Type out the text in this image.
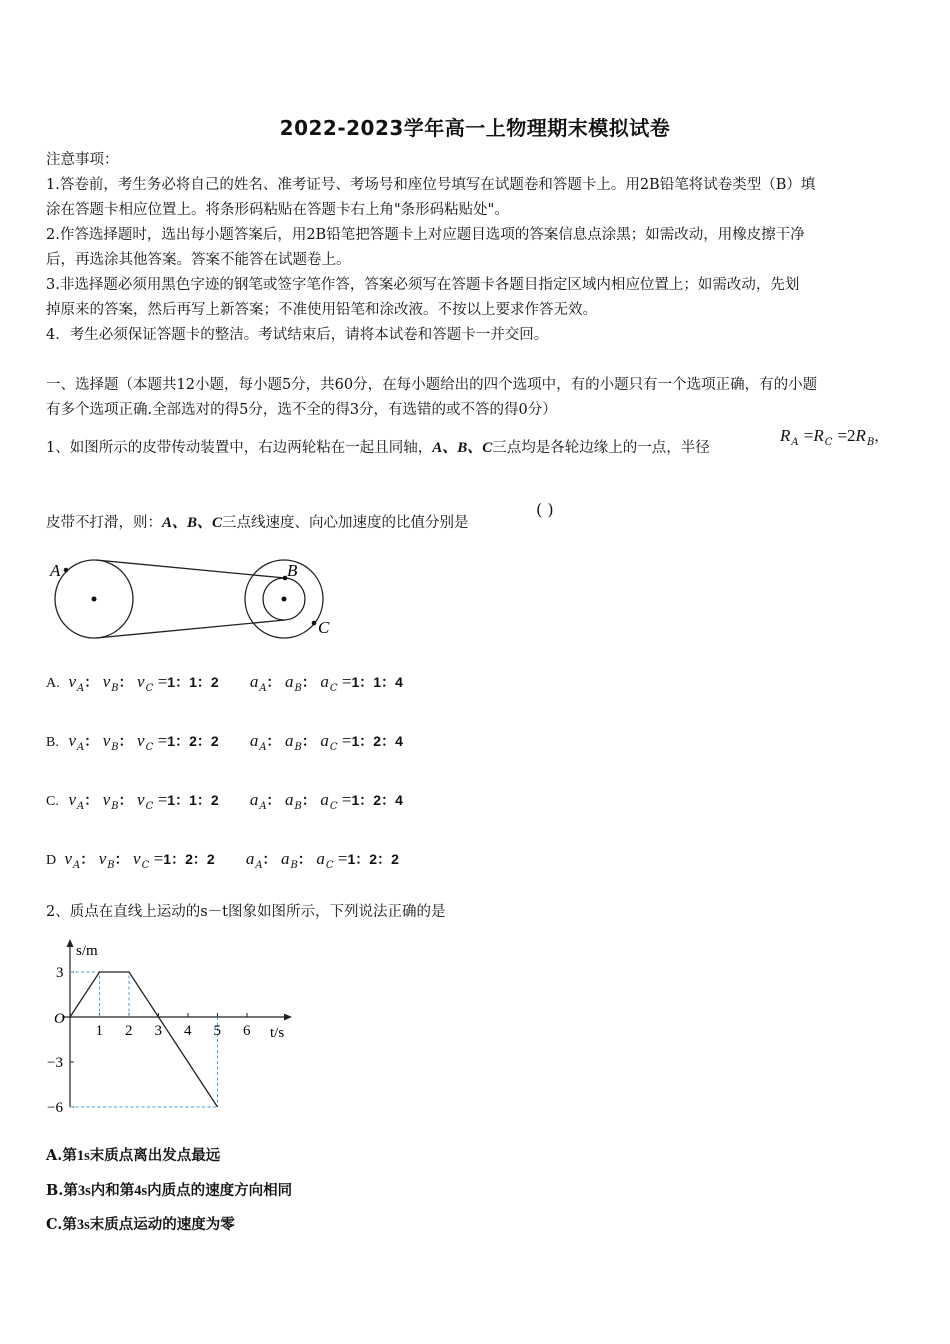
2022-2023学年高一上物理期末模拟试卷
注意事项：
1.答卷前，考生务必将自己的姓名、准考证号、考场号和座位号填写在试题卷和答题卡上。用2B铅笔将试卷类型（B）填
涂在答题卡相应位置上。将条形码粘贴在答题卡右上角"条形码粘贴处"。
2.作答选择题时，选出每小题答案后，用2B铅笔把答题卡上对应题目选项的答案信息点涂黑；如需改动，用橡皮擦干净
后，再选涂其他答案。答案不能答在试题卷上。
3.非选择题必须用黑色字迹的钢笔或签字笔作答，答案必须写在答题卡各题目指定区域内相应位置上；如需改动，先划
掉原来的答案，然后再写上新答案；不准使用铅笔和涂改液。不按以上要求作答无效。
4．考生必须保证答题卡的整洁。考试结束后，请将本试卷和答题卡一并交回。
一、选择题（本题共12小题，每小题5分，共60分，在每小题给出的四个选项中，有的小题只有一个选项正确，有的小题
有多个选项正确.全部选对的得5分，选不全的得3分，有选错的或不答的得0分）
1、如图所示的皮带传动装置中，右边两轮粘在一起且同轴，A、B、C三点均是各轮边缘上的一点，半径
$R_A =R_C =2R_B$，
皮带不打滑，则：A、B、C三点线速度、向心加速度的比值分别是
( )
A	B
C
A. $v_A$： $v_B$： $v_C =1$：1：2 $a_A$： $a_B$： $a_C =1$：1：4
B. $v_A$： $v_B$： $v_C =1$：2：2 $a_A$： $a_B$： $a_C =1$：2：4
C. $v_A$： $v_B$： $v_C =1$：1：2 $a_A$： $a_B$： $a_C =1$：2：4
D $v_A$： $v_B$： $v_C =1$：2：2 $a_A$： $a_B$： $a_C =1$：2：2
2、质点在直线上运动的s－t图象如图所示，下列说法正确的是
s/m
t/s
O
1 2 3 4 5 6
3
−3
−6
A.第1s末质点离出发点最远
B.第3s内和第4s内质点的速度方向相同
C.第3s末质点运动的速度为零
